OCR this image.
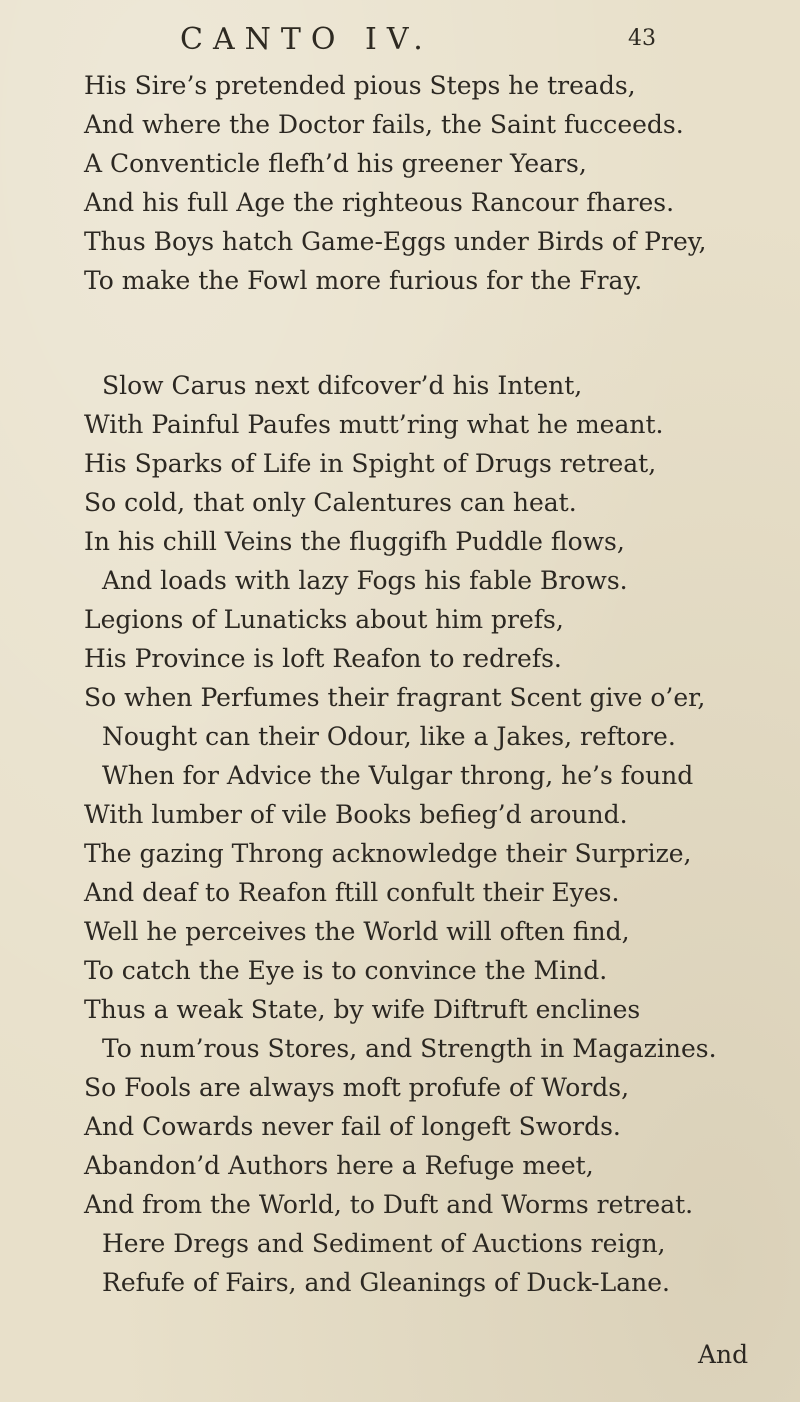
CANTO IV.	43
His Sire’s pretended pious Steps he treads,
And where the Doctor fails, the Saint fucceeds.
A Conventicle flefh’d his greener Years,
And his full Age the righteous Rancour fhares.
Thus Boys hatch Game-Eggs under Birds of Prey,
To make the Fowl more furious for the Fray.
Slow Carus next difcover’d his Intent,
With Painful Paufes mutt’ring what he meant.
His Sparks of Life in Spight of Drugs retreat,
So cold, that only Calentures can heat.
In his chill Veins the fluggifh Puddle flows,
And loads with lazy Fogs his fable Brows.
Legions of Lunaticks about him prefs,
His Province is loft Reafon to redrefs.
So when Perfumes their fragrant Scent give o’er,
Nought can their Odour, like a Jakes, reftore.
When for Advice the Vulgar throng, he’s found
With lumber of vile Books befieg’d around.
The gazing Throng acknowledge their Surprize,
And deaf to Reafon ftill confult their Eyes.
Well he perceives the World will often find,
To catch the Eye is to convince the Mind.
Thus a weak State, by wife Diftruft enclines
To num’rous Stores, and Strength in Magazines.
So Fools are always moft profufe of Words,
And Cowards never fail of longeft Swords.
Abandon’d Authors here a Refuge meet,
And from the World, to Duft and Worms retreat.
Here Dregs and Sediment of Auctions reign,
Refufe of Fairs, and Gleanings of Duck-Lane.
And
